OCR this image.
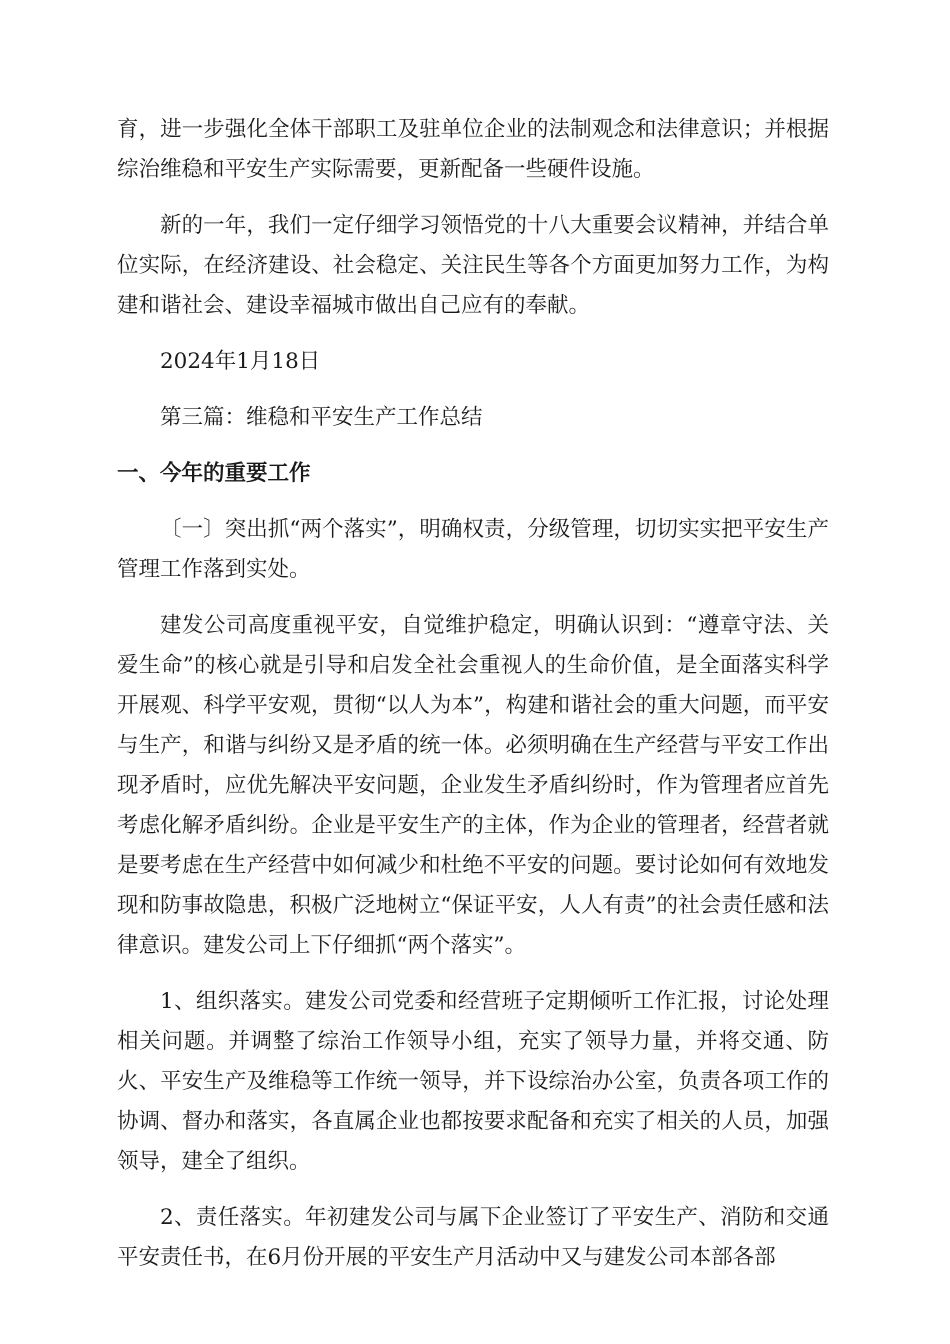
育，进一步强化全体干部职工及驻单位企业的法制观念和法律意识；并根据综治维稳和平安生产实际需要，更新配备一些硬件设施。

新的一年，我们一定仔细学习领悟党的十八大重要会议精神，并结合单位实际，在经济建设、社会稳定、关注民生等各个方面更加努力工作，为构建和谐社会、建设幸福城市做出自己应有的奉献。

2024年1月18日

第三篇：维稳和平安生产工作总结

一、今年的重要工作

〔一〕突出抓“两个落实”，明确权责，分级管理，切切实实把平安生产管理工作落到实处。

建发公司高度重视平安，自觉维护稳定，明确认识到：“遵章守法、关爱生命”的核心就是引导和启发全社会重视人的生命价值，是全面落实科学开展观、科学平安观，贯彻“以人为本”，构建和谐社会的重大问题，而平安与生产，和谐与纠纷又是矛盾的统一体。必须明确在生产经营与平安工作出现矛盾时，应优先解决平安问题，企业发生矛盾纠纷时，作为管理者应首先考虑化解矛盾纠纷。企业是平安生产的主体，作为企业的管理者，经营者就是要考虑在生产经营中如何减少和杜绝不平安的问题。要讨论如何有效地发现和防事故隐患，积极广泛地树立“保证平安，人人有责”的社会责任感和法律意识。建发公司上下仔细抓“两个落实”。

1、组织落实。建发公司党委和经营班子定期倾听工作汇报，讨论处理相关问题。并调整了综治工作领导小组，充实了领导力量，并将交通、防火、平安生产及维稳等工作统一领导，并下设综治办公室，负责各项工作的协调、督办和落实，各直属企业也都按要求配备和充实了相关的人员，加强领导，建全了组织。

2、责任落实。年初建发公司与属下企业签订了平安生产、消防和交通平安责任书，在6月份开展的平安生产月活动中又与建发公司本部各部
